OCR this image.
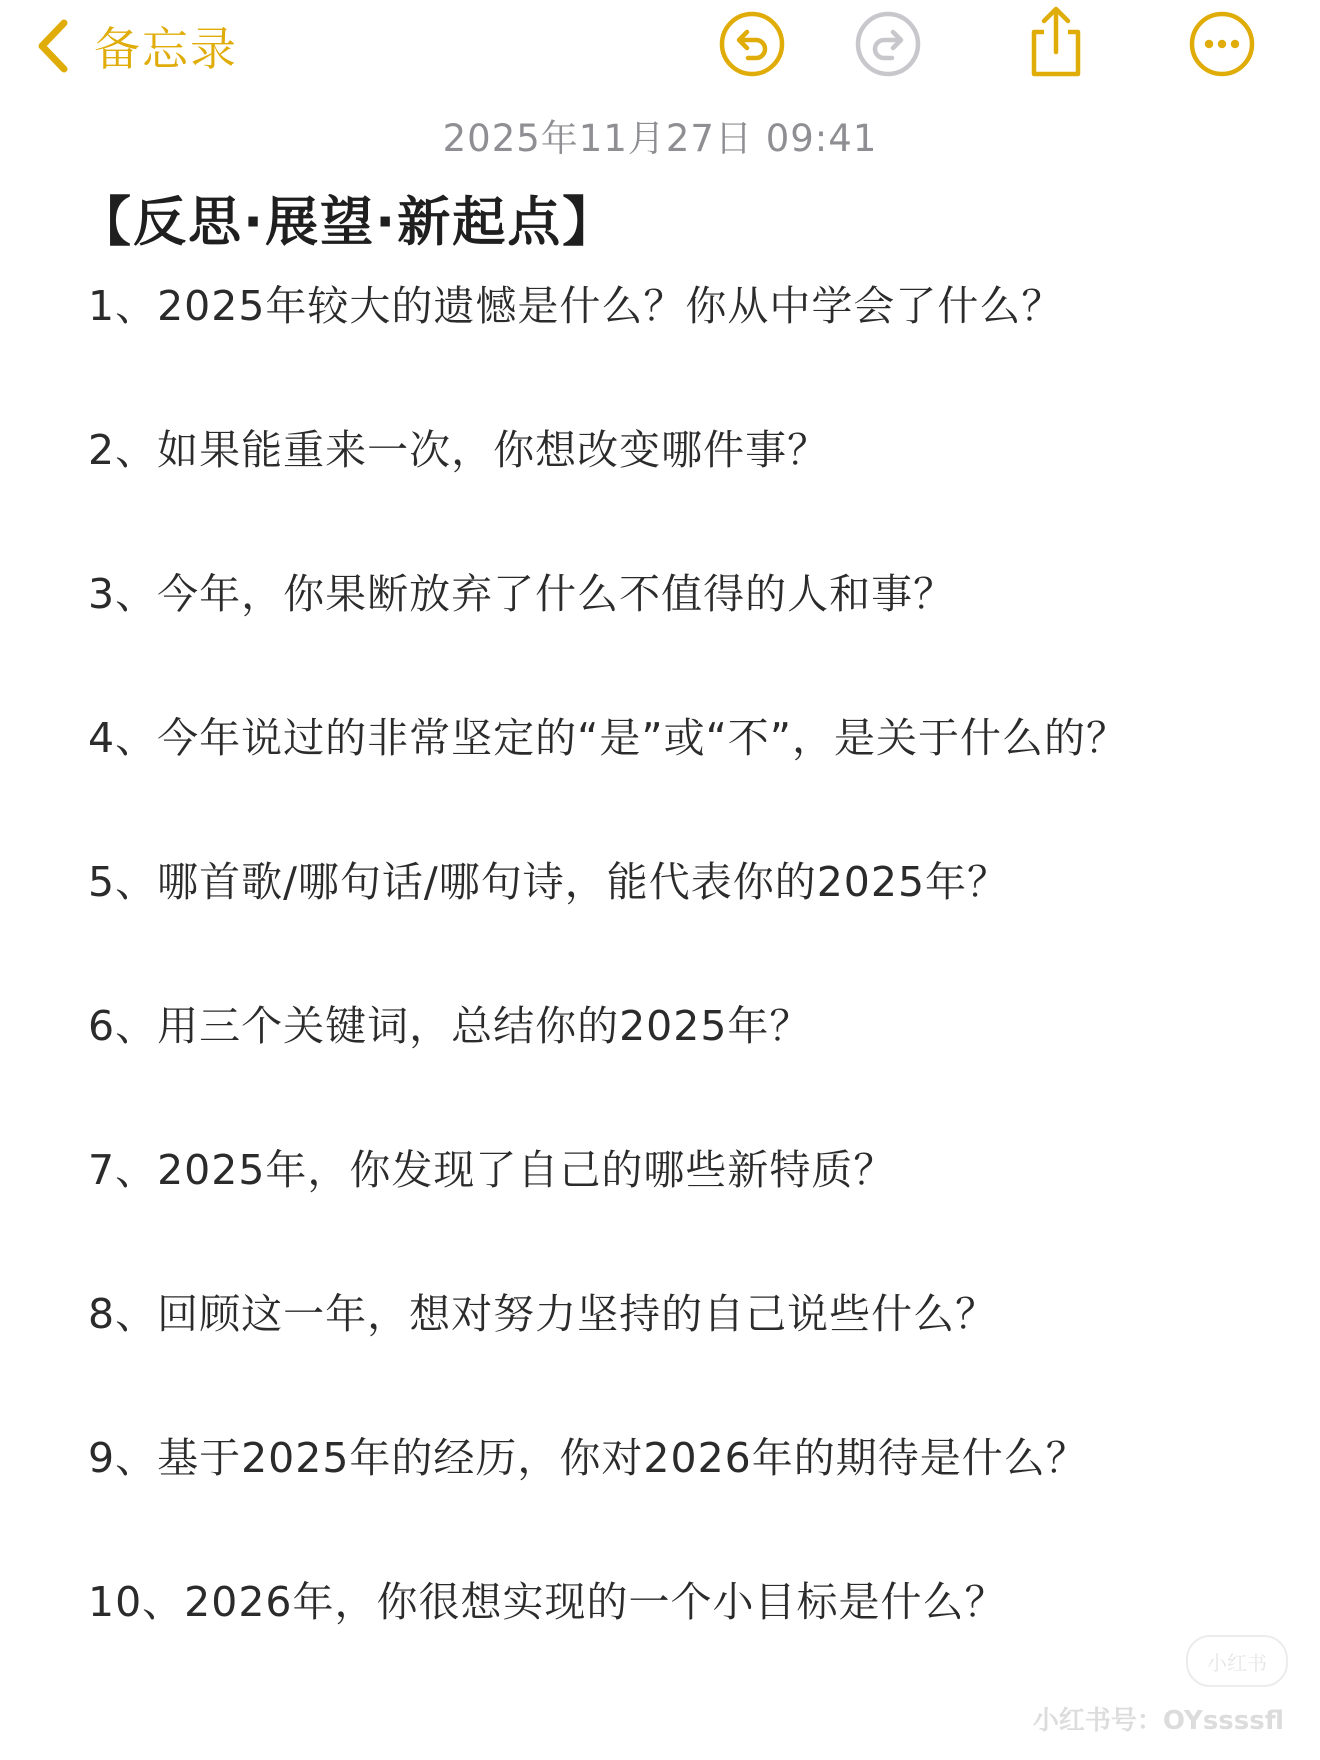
备忘录
2025年11月27日 09:41
【反思·展望·新起点】
1、2025年较大的遗憾是什么？你从中学会了什么？
2、如果能重来一次，你想改变哪件事？
3、今年，你果断放弃了什么不值得的人和事？
4、今年说过的非常坚定的“是”或“不”，是关于什么的？
5、哪首歌/哪句话/哪句诗，能代表你的2025年？
6、用三个关键词，总结你的2025年？
7、2025年，你发现了自己的哪些新特质？
8、回顾这一年，想对努力坚持的自己说些什么？
9、基于2025年的经历，你对2026年的期待是什么？
10、2026年，你很想实现的一个小目标是什么？
小红书
小红书号：OYssssfl
